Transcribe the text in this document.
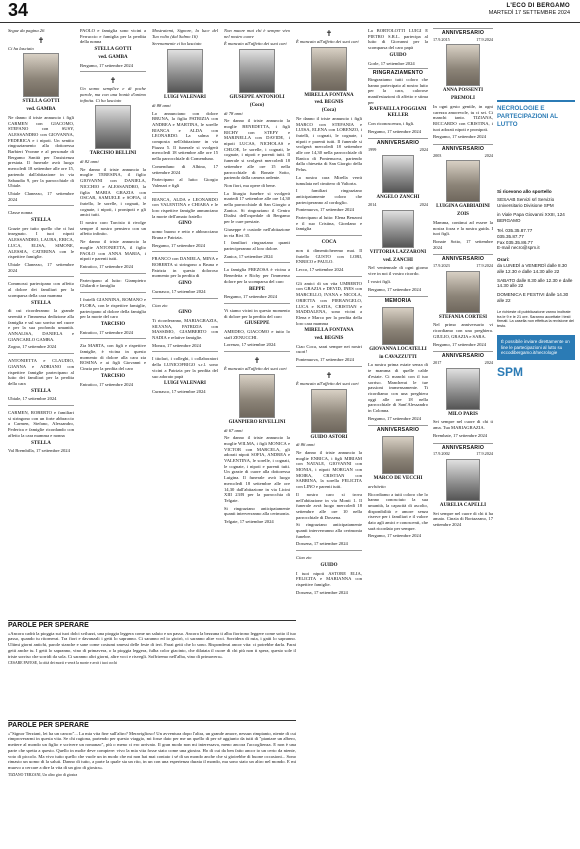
34	L'ECO DI BERGAMO
MARTEDÌ 17 SETTEMBRE 2024

Segue da pagina 26

✝

Ci ha lasciato

STELLA GOTTI
ved. GAMBA

Ne danno il triste annuncio i figli CARMEN con GIACOMO, STEFANO con SUSY, ALESSANDRO con GIOVANNA, FEDERICA e i nipoti. Un sentito ringraziamento alla dottoressa Barbieri Yvonne e al personale di Bergamo Sanità per l'assistenza prestata. Il funerale avrà luogo mercoledì 18 settembre alle ore 15, partendo dall'abitazione in via Sabaudia 9, per la parrocchiale di Ubiale.

Ubiale Clanezzo, 17 settembre 2024

Classe nonna

STELLA

Grazie per tutto quello che ci hai insegnato. I tuoi nipoti ALESSANDRO, LAURA, ERICA, LUCA, ELISA, SIMONE, ALESSIA, CATERINA con le rispettive famiglie.

Ubiale Clanezzo, 17 settembre 2024

Commossi partecipano con affetto al dolore dei familiari per la scomparsa della cara mamma

STELLA

di cui ricorderanno la grande serenità e l'immensa dedizione alla famiglia e sul suo sorriso nel cuore e per la sua profonda umanità. ANNALISA, DANIELA e GIANCARLO GAMBA.

Zogno, 17 settembre 2024

ANTONIETTA e CLAUDIO, GIANNA e ADRIANO con rispettive famiglie partecipano al lutto dei familiari per la perdita della cara

STELLA

Ubiale, 17 settembre 2024

CARMEN, ROBERTO e familiari si stringono con un forte abbraccio a Carmen, Stefano, Alessandro, Federica e famiglie ricordando con affetto la cara mamma e nonna

STELLA

Val Brembilla, 17 settembre 2024

PAOLO e famiglia sono vicini a Ferruccio e famiglia per la perdita della nonna

STELLA GOTTI
ved. GAMBA

Bergamo, 17 settembre 2024

✝

Un uomo semplice e di poche parole, ma con una bontà d'animo infinita. Ci ha lasciato

TARCISIO BELLINI

di 82 anni

Ne danno il triste annuncio la moglie TERESINA, il figlio GIOVANNI con DANIELA, NICCHIO e ALESSANDRO, la figlia MARIA GRAZIA con OSCAR, SAMUELE e SOFIA, il fratello, le sorelle, i cognati, le cognate, i nipoti, i pronipoti e gli amici tutti.

Il nostro caro Tarcisio ti rivolge sempre il nostro pensiero con un affetto infinito.

Ne danno il triste annuncio la moglie ANTONIETTA, il figlio PAOLO con ANNA MARIA, i nipoti e parenti tutti.

Entratico, 17 settembre 2024

Partecipano al lutto: Giampietro Ghilardi e famiglia

I fratelli GIANNINA, ROMANO e FLORA, con le rispettive famiglie, partecipano al dolore della famiglia per la morte del caro

TARCISIO

Entratico, 17 settembre 2024

Zia MARTA, con figli e rispettive famiglie, è vicina in questo momento di dolore alla cara zia ROSINA e ai figli Giovanni e Cinzia per la perdita del caro

TARCISIO

Entratico, 17 settembre 2024

Mostratemi, Signore, la luce del Tuo volto (dal Salmo 16)

Serenamente ci ha lasciato

LUIGI VALENARI

di 88 anni

Lo annunciano con dolore BRUNA, la figlia PATRIZIA con ANDREA e MARTINA, le sorelle BIANCA e ALDA con LEONARDO. La salma è composta nell'abitazione in via Piazza 5. Il funerale si svolgerà mercoledì 18 settembre alle ore 15 nella parrocchiale di Comenduno.

Comenduno di Albino, 17 settembre 2024

Partecipano al lutto: Giorgio Valenari e figli

BIANCA, ALDA e LEONARDO con VALENTINA e CHIARA e le loro rispettive famiglie annunciano la morte dell'amato fratello

GINO

uomo buono e retto e abbracciano Bruna e Patrizia.

Bergamo, 17 settembre 2024

FRANCO con DANIELA, MINA e ROBERTA si stringono a Bruna e Patrizia in questo doloroso momento per la perdita di

GINO

Curnasco, 17 settembre 2024

Ciao zio

GINO

Ti ricorderanno, MARIAGRAZIA, SILVANA, PATRIZIA con MASSIMO, GIAMBERTO con NADIA e relative famiglie.

Monza, 17 settembre 2024

I titolari, i colleghi, i collaboratori della LUNICOFRIGO s.r.l. sono vicini a Patrizia per la perdita del suo adorato papà

LUIGI VALENARI

Curnasco, 17 settembre 2024

Non muore mai chi è sempre vivo nel nostro cuore

È mancato all'affetto dei suoi cari

GIUSEPPE ANTONIOLI
(Coco)

di 78 anni

Ne danno il triste annuncio la moglie BENEDETTA, i figli RICHY con STEFY e MARINELLA con DAVIDE, i nipoti LUCAS, NICHOLAS e CHLOE, le sorelle, i cognati, le cognate, i nipoti e parenti tutti. Il funerale si svolgerà mercoledì 18 settembre alle ore 15 nella parrocchiale di Bonate Sotto, partendo dalla camera ardente.

Non fiori, ma opere di bene.

La liturgia funebre si svolgerà martedì 17 settembre alle ore 14,30 nella parrocchiale di San Giorgio a Zanica. Si ringraziano il Centro Dialisi dell'ospedale di Bergamo per le cure prestate.

Giuseppe è custode nell'abitazione in via Rivi 35.

I familiari ringraziano quanti parteciperanno al loro dolore.

Zanica, 17 settembre 2024

La famiglia FREZOSA è vicina a Benedetta e Richy per l'immenso dolore per la scomparsa del caro

BEPPE

Bergamo, 17 settembre 2024

Vi siamo vicini in questo momento di dolore per la perdita del caro

GIUSEPPE

AMEDEO, GIACOMO e tutto lo staff ZENUCCHI.

Lorenzo, 17 settembre 2024

✝

È mancato all'affetto dei suoi cari

GIANPIERO RIVELLINI

di 67 anni

Ne danno il triste annuncio la moglie WILMA, i figli MONICA e VICTOR con MARCELA, gli adorati nipoti SOFIA, ANDREA e VALENTINA, le sorelle, i cognati, le cognate, i nipoti e parenti tutti. Un grazie di cuore alla dottoressa Luigina. Il funerale avrà luogo mercoledì 18 settembre alle ore 14,30 dall'abitazione in via Licini XIII 23/B per la parrocchia di Telgate.

Si ringraziano anticipatamente quanti interverranno alla cerimonia.

Telgate, 17 settembre 2024

✝

È mancato all'affetto dei suoi cari

MIRELLA FONTANA
ved. BEGNIS
(Coca)

Ne danno il triste annuncio i figli MARCO con STEFANIA e LUISA, ELENA con LORENZO, i fratelli, i cognati, le cognate, i nipoti e parenti tutti. Il funerale si svolgerà mercoledì 18 settembre alle ore 14,30 nella parrocchiale di Ranica di Pontenuova, partendo dalla chiesetta di San Giorgio della Pelus.

La nostra cara Mirella verrà tumulata nel cimitero di Valtorta.

I familiari ringraziano anticipatamente coloro che parteciperanno al cordoglio.

Pontenuova, 17 settembre 2024

Partecipano al lutto: Elena Benzoni e il suo Cristina, Giordano e famiglia

COCA

non ti dimenticheremo mai. Il fratello GUSTO con LORI, ENRICO e PAULO.

Lecco, 17 settembre 2024

Gli amici di un vita UMBERTO con GRAZIA e DEVID, INES con MARCELLO, IVANA e NICOLA, ORIETTA con PIERANGELO, LUCA e KATIA, CRISTIAN e MADDALENA, sono vicini a Elena e Marco per la perdita della loro cara mamma

MIRELLA FONTANA
ved. BEGNIS

Ciao Coca, sarai sempre nei nostri cuori!

Pontenuova, 17 settembre 2024

✝

È mancato all'affetto dei suoi cari

GUIDO ASTORI

di 86 anni

Ne danno il triste annuncio la moglie ENRICA, i figli MIRIAM con NATALE, GIOVANNI con MONIA, i nipoti MORGAN con MOIRA, CRISTIAN con SABRINA, la sorella FELICITA con LINO e parenti tutti.

Il nostro caro si trova nell'abitazione in via Monti 1. Il funerale avrà luogo mercoledì 18 settembre alle ore 10 nella parrocchiale di Dossena.

Si ringraziano anticipatamente quanti interverranno alla cerimonia funebre.

Dossena, 17 settembre 2024

Ciao zio

GUIDO

I tuoi nipoti ASTORE ELIA, FELICITA e MARIANNA con rispettive famiglie.

Dossena, 17 settembre 2024

La BORTOLOTTI LUIGI E PIETRO S.R.L. partecipa al lutto di Giovanni per la scomparsa del caro papà

GUIDO

Gorle, 17 settembre 2024

RINGRAZIAMENTO

Ringraziamo tutti coloro che hanno partecipato al nostro lutto per la cara, calorose manifestazioni di affetto e stima per

RAFFAELLA POGGIANI KELLER

Con riconoscenza, i figli.

Bergamo, 17 settembre 2024

ANNIVERSARIO
1999	2024
ANGELO ZANCHI
2014	2024
VITTORIA LAZZARONI
ved. ZANCHI

Nel ventennale di ogni giorno vive in noi il vostro ricordo.

I vostri figli.

Bergamo, 17 settembre 2024

MEMORIA
GIOVANNA LOCATELLI
in CAVAZZUTTI

La nostra prima estate senza di te mamma di quelle calde d'estate. Ci manchi con il tuo sorriso. Mancherai le tue passioni immensamente. Ti ricordiamo con una preghiera oggi alle ore 18 nella parrocchiale di Sant'Alessandro in Colonna.

Bergamo, 17 settembre 2024

ANNIVERSARIO
MARCO DE VECCHI

architetto

Ricordiamo a tutti coloro che lo hanno conosciuto la sua umanità, la capacità di ascolto, disponibilità e amore senza riserve per i familiari e il valore dato agli amici e conoscenti, che sarà ricordato per sempre.

Bergamo, 17 settembre 2024

ANNIVERSARIO
17.9.2015	17.9.2024
ANNA POSSENTI
PREMOLI

In ogni gesto gentile, in ogni carezza amorevole, tu ci sei. Ci manchi tanto. TIZIANA, RICCARDO con CRISTINA, i tuoi adorati nipoti e pronipoti.

Bergamo, 17 settembre 2024

ANNIVERSARIO
2003	2024
LUIGINA GABBIADINI
ZOIS

Mamma, continui ad essere la nostra forza e la nostra guida. I tuoi figli.

Bonate Sotto, 17 settembre 2024

ANNIVERSARIO
17.9.2023	17.9.2024
STEFANIA CORTESI

Nel primo anniversario vi ricordiamo con una preghiera. GIULIO, GRAZIA e SARA.

Bergamo, 17 settembre 2024

ANNIVERSARIO
2017	2024
MILO PARIS

Sei sempre nel cuore di chi ti ama. Tua MARIAGRAZIA.

Brembate, 17 settembre 2024

ANNIVERSARIO
17.9.2002	17.9.2024
AURELIA CAPELLI

Sei sempre nel cuore di chi ti ha amato. Cinzia di Bortazzano, 17 settembre 2024

NECROLOGIE E PARTECIPAZIONI AL LUTTO

Si ricevono allo sportello

SESAAB Servizi srl Servizio Universitario Divisione SPM

in Viale Papa Giovanni XXIII, 124 BERGAMO

Tel. 035.35.87.77

035.35.87.77

Fax 035.35.86.77

E-mail necro@spm.it

Orari:

da LUNEDÌ a VENERDÌ dalle 8.30 alle 12.30 e dalle 14.30 alle 22

SABATO dalle 8.30 alle 12.30 e dalle 14.30 alle 22

DOMENICA E FESTIVI dalle 14.30 alle 22

Le richieste di pubblicazione vanno inoltrate tra le 9 e le 21 ore. Saranno accettate i testi firmati. La casella non effettua la revisione del testo.

È possibile inviare direttamente on line le partecipazioni al lutto su eccodibergamo.it/necrologie
SPM
PAROLE PER SPERARE

«Ancora cadrà la pioggia sui tuoi dolci sviluzzi, una pioggia leggera come un saluto e un passo. Ancora la bezzana ti alba fiorirono leggere come sotto il tuo passo, quando tu ritornerai. Tra fiori e davanzali i getti lo sapranno. Ci saranno ed io gioirò, ci saranno altre voci. Sorridera di ruta, i gatti lo sapranno. Ultimi giorni antichi, parole stanche e sane come costumi smessi delle feste di ieri. Farai getti che lo sono. Risponderai ancor vita: ci potrebbe darla. Farai getti anche tu. I getti lo sapranno, vino di primavera, o la pioggia leggera, fulba color giacinto, che dilatata il cuore di chi più non ti spera, questo sole il triste sorriso che sorridi da sola. Ci saranno altri giorni, altre voci e risvegli. Soffriremo nell'alba, vino di primavera».

CESARE PAVESE, la città dei morti e verrà la morte e avrà i tuoi occhi

PAROLE PER SPERARE

«"Signor Terziani, lei ha un cancro"... La mia vita fine sull'altro? Meraviglioso! Un avventura dopo l'altra, un grande amore, nessun rimpianto, niente di cui rimproverarmi in questa vita. Se chi ragiona, partendo per questo viaggio, mi fosse dato per me un quello di per sé aggiunto da tutti di "piantare un albero, mettere al mondo un figlio e scrivere un romanzo", più o meno ci ero arrivato. Il gran modo non mi interessava, meno ancora l'accoglienza. E non è una parte che spetta a questo. Quello in molte deve compiere: vivo la mia vita fosse stato come una giostra. Ho di cui da ben fatto ancor io un certo da niente, voto di piccolo. Ma vivo tutto quello che vuole un in modo che mi non hai mai contato i sé di un mondo anche che si gioirebbe di buone occasioni... Sono rimasto un uomo di la saluti. Danno di tutto, a parte la quale sia un rito, in un con una esperienza durata il mondo, ma sono stato un altro nel mondo. E mi muovo a cercare a dire la vita di un giro di giostra».

TIZIANO TERZANI, Un altro giro di giostra
